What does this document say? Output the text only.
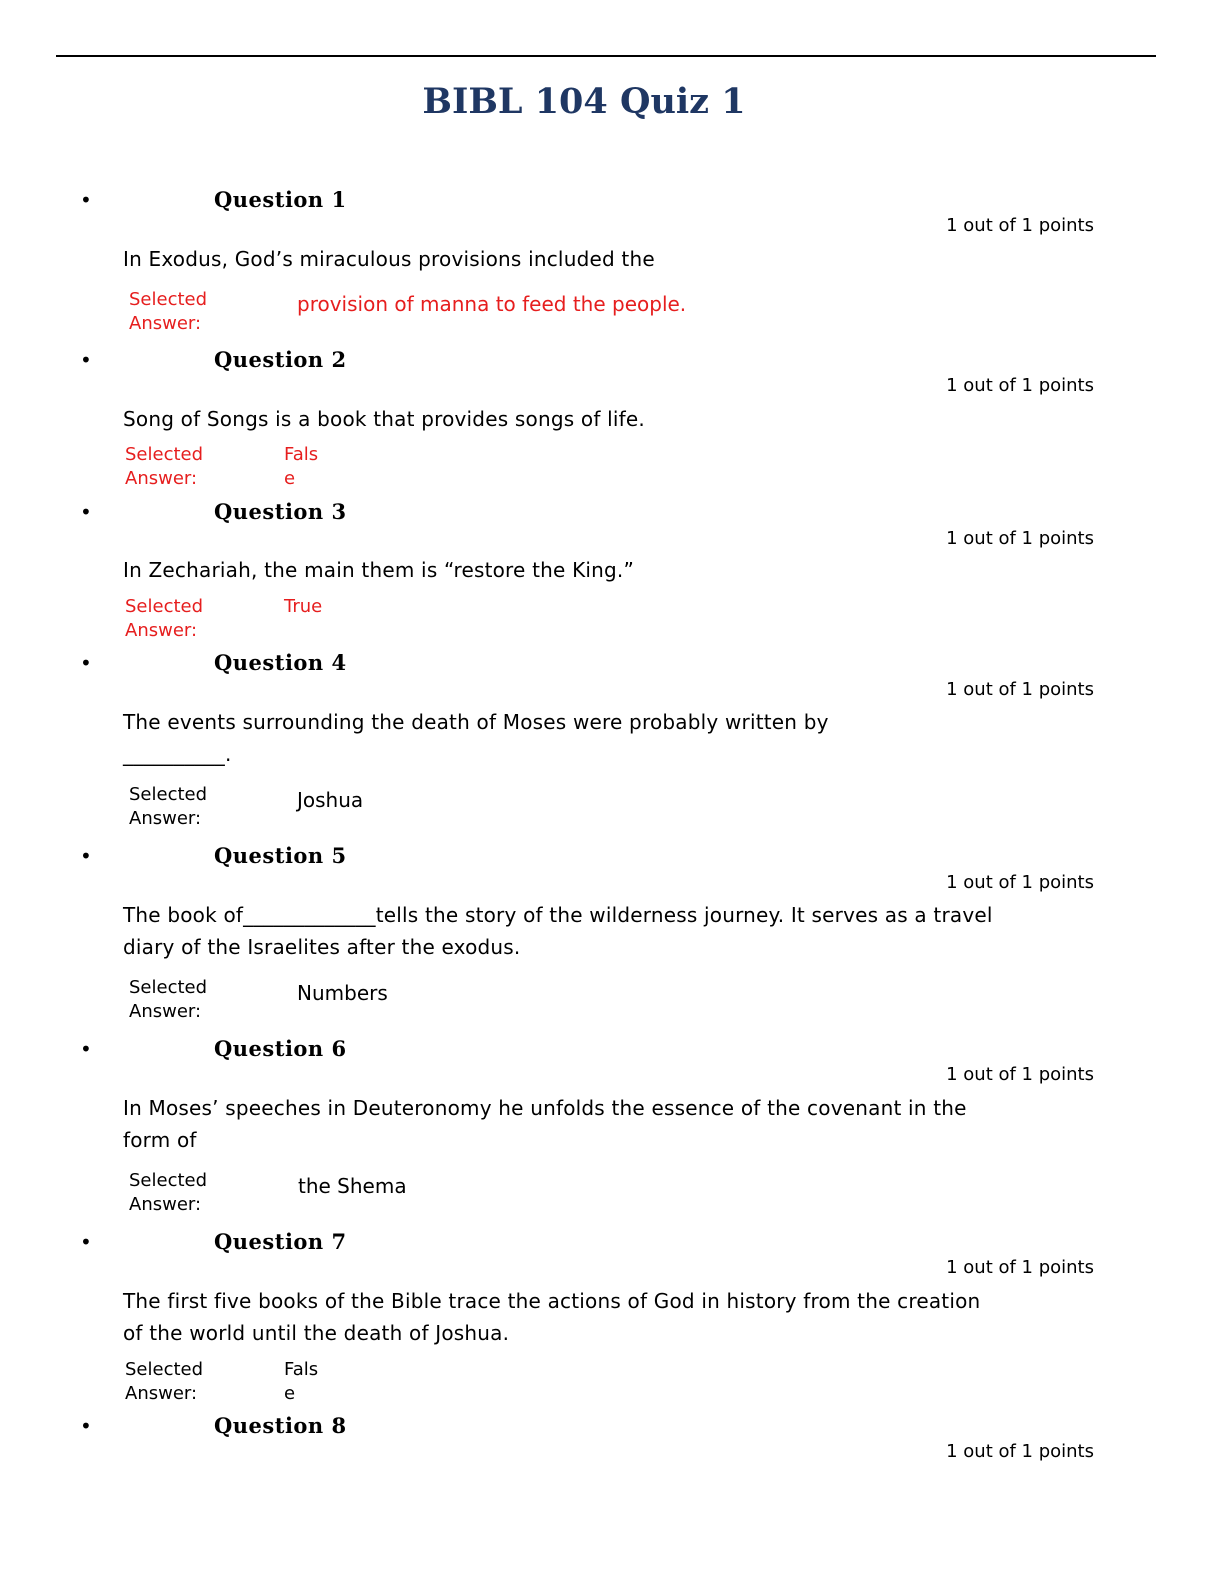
BIBL 104 Quiz 1
•	Question 1
1 out of 1 points
In Exodus, God’s miraculous provisions included the
Selected Answer:
provision of manna to feed the people.
•	Question 2
1 out of 1 points
Song of Songs is a book that provides songs of life.
Selected Answer:
False
•	Question 3
1 out of 1 points
In Zechariah, the main them is “restore the King.”
Selected Answer:
True
•	Question 4
1 out of 1 points
The events surrounding the death of Moses were probably written by __________.
Selected Answer:
Joshua
•	Question 5
1 out of 1 points
The book of_____________tells the story of the wilderness journey. It serves as a travel diary of the Israelites after the exodus.
Selected Answer:
Numbers
•	Question 6
1 out of 1 points
In Moses’ speeches in Deuteronomy he unfolds the essence of the covenant in the form of
Selected Answer:
the Shema
•	Question 7
1 out of 1 points
The first five books of the Bible trace the actions of God in history from the creation of the world until the death of Joshua.
Selected Answer:
False
•	Question 8
1 out of 1 points
